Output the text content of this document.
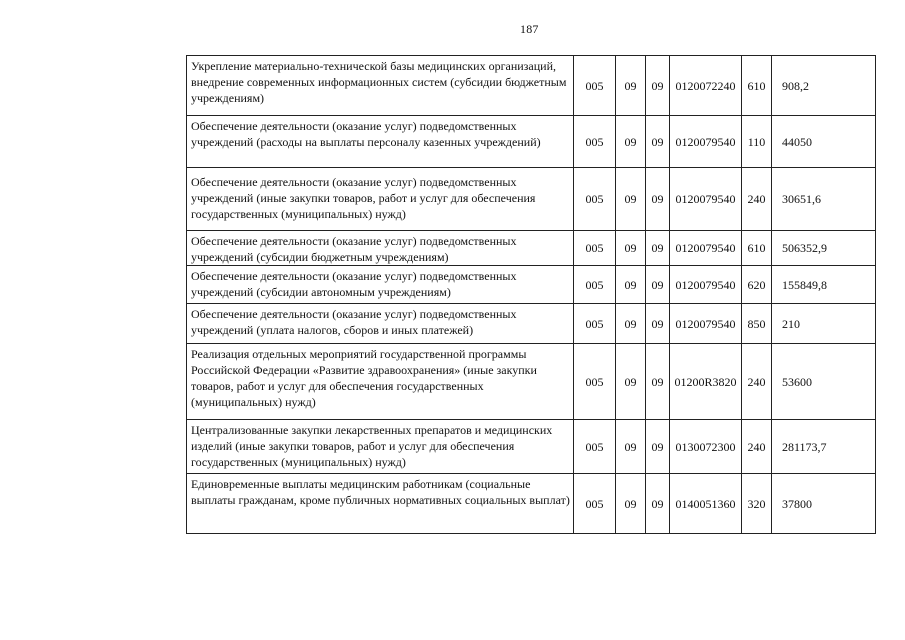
187
Укрепление материально-технической базы медицинских организаций, внедрение современных информационных систем (субсидии бюджетным учреждениям)	005	09	09	0120072240	610	908,2
Обеспечение деятельности (оказание услуг) подведомственных учреждений (расходы на выплаты персоналу казенных учреждений)	005	09	09	0120079540	110	44050
Обеспечение деятельности (оказание услуг) подведомственных учреждений (иные закупки товаров, работ и услуг для обеспечения государственных (муниципальных) нужд)	005	09	09	0120079540	240	30651,6
Обеспечение деятельности (оказание услуг) подведомственных учреждений (субсидии бюджетным учреждениям)	005	09	09	0120079540	610	506352,9
Обеспечение деятельности (оказание услуг) подведомственных учреждений (субсидии автономным учреждениям)	005	09	09	0120079540	620	155849,8
Обеспечение деятельности (оказание услуг) подведомственных учреждений (уплата налогов, сборов и иных платежей)	005	09	09	0120079540	850	210
Реализация отдельных мероприятий государственной программы Российской Федерации «Развитие здравоохранения» (иные закупки товаров, работ и услуг для обеспечения государственных (муниципальных) нужд)	005	09	09	01200R3820	240	53600
Централизованные закупки лекарственных препаратов и медицинских изделий (иные закупки товаров, работ и услуг для обеспечения государственных (муниципальных) нужд)	005	09	09	0130072300	240	281173,7
Единовременные выплаты медицинским работникам (социальные выплаты гражданам, кроме публичных нормативных социальных выплат)	005	09	09	0140051360	320	37800
